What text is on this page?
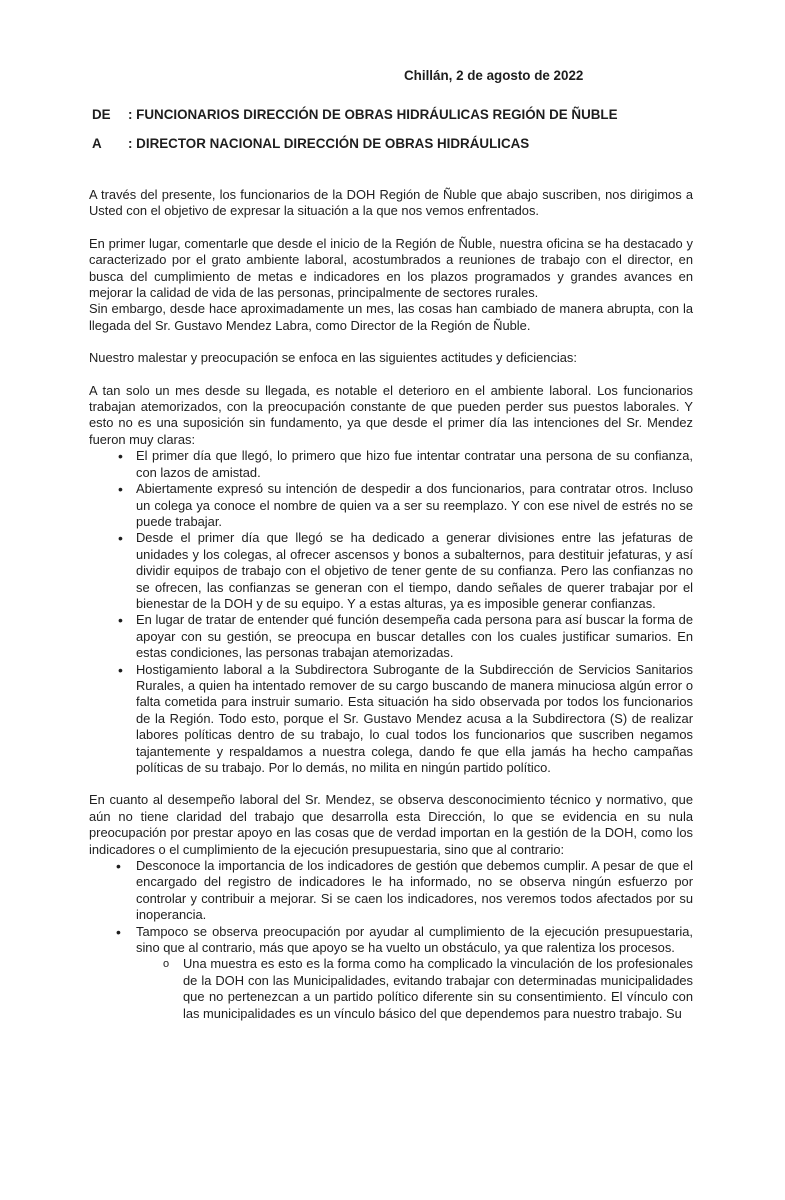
Chillán, 2 de agosto de 2022
DE : FUNCIONARIOS DIRECCIÓN DE OBRAS HIDRÁULICAS REGIÓN DE ÑUBLE
A : DIRECTOR NACIONAL DIRECCIÓN DE OBRAS HIDRÁULICAS

A través del presente, los funcionarios de la DOH Región de Ñuble que abajo suscriben, nos dirigimos a Usted con el objetivo de expresar la situación a la que nos vemos enfrentados.

En primer lugar, comentarle que desde el inicio de la Región de Ñuble, nuestra oficina se ha destacado y caracterizado por el grato ambiente laboral, acostumbrados a reuniones de trabajo con el director, en busca del cumplimiento de metas e indicadores en los plazos programados y grandes avances en mejorar la calidad de vida de las personas, principalmente de sectores rurales.

Sin embargo, desde hace aproximadamente un mes, las cosas han cambiado de manera abrupta, con la llegada del Sr. Gustavo Mendez Labra, como Director de la Región de Ñuble.

Nuestro malestar y preocupación se enfoca en las siguientes actitudes y deficiencias:

A tan solo un mes desde su llegada, es notable el deterioro en el ambiente laboral. Los funcionarios trabajan atemorizados, con la preocupación constante de que pueden perder sus puestos laborales. Y esto no es una suposición sin fundamento, ya que desde el primer día las intenciones del Sr. Mendez fueron muy claras:

• El primer día que llegó, lo primero que hizo fue intentar contratar una persona de su confianza, con lazos de amistad.
• Abiertamente expresó su intención de despedir a dos funcionarios, para contratar otros. Incluso un colega ya conoce el nombre de quien va a ser su reemplazo. Y con ese nivel de estrés no se puede trabajar.
• Desde el primer día que llegó se ha dedicado a generar divisiones entre las jefaturas de unidades y los colegas, al ofrecer ascensos y bonos a subalternos, para destituir jefaturas, y así dividir equipos de trabajo con el objetivo de tener gente de su confianza. Pero las confianzas no se ofrecen, las confianzas se generan con el tiempo, dando señales de querer trabajar por el bienestar de la DOH y de su equipo. Y a estas alturas, ya es imposible generar confianzas.
• En lugar de tratar de entender qué función desempeña cada persona para así buscar la forma de apoyar con su gestión, se preocupa en buscar detalles con los cuales justificar sumarios. En estas condiciones, las personas trabajan atemorizadas.
• Hostigamiento laboral a la Subdirectora Subrogante de la Subdirección de Servicios Sanitarios Rurales, a quien ha intentado remover de su cargo buscando de manera minuciosa algún error o falta cometida para instruir sumario. Esta situación ha sido observada por todos los funcionarios de la Región. Todo esto, porque el Sr. Gustavo Mendez acusa a la Subdirectora (S) de realizar labores políticas dentro de su trabajo, lo cual todos los funcionarios que suscriben negamos tajantemente y respaldamos a nuestra colega, dando fe que ella jamás ha hecho campañas políticas de su trabajo. Por lo demás, no milita en ningún partido político.

En cuanto al desempeño laboral del Sr. Mendez, se observa desconocimiento técnico y normativo, que aún no tiene claridad del trabajo que desarrolla esta Dirección, lo que se evidencia en su nula preocupación por prestar apoyo en las cosas que de verdad importan en la gestión de la DOH, como los indicadores o el cumplimiento de la ejecución presupuestaria, sino que al contrario:

• Desconoce la importancia de los indicadores de gestión que debemos cumplir. A pesar de que el encargado del registro de indicadores le ha informado, no se observa ningún esfuerzo por controlar y contribuir a mejorar. Si se caen los indicadores, nos veremos todos afectados por su inoperancia.
• Tampoco se observa preocupación por ayudar al cumplimiento de la ejecución presupuestaria, sino que al contrario, más que apoyo se ha vuelto un obstáculo, ya que ralentiza los procesos.
o Una muestra es esto es la forma como ha complicado la vinculación de los profesionales de la DOH con las Municipalidades, evitando trabajar con determinadas municipalidades que no pertenezcan a un partido político diferente sin su consentimiento. El vínculo con las municipalidades es un vínculo básico del que dependemos para nuestro trabajo. Su
